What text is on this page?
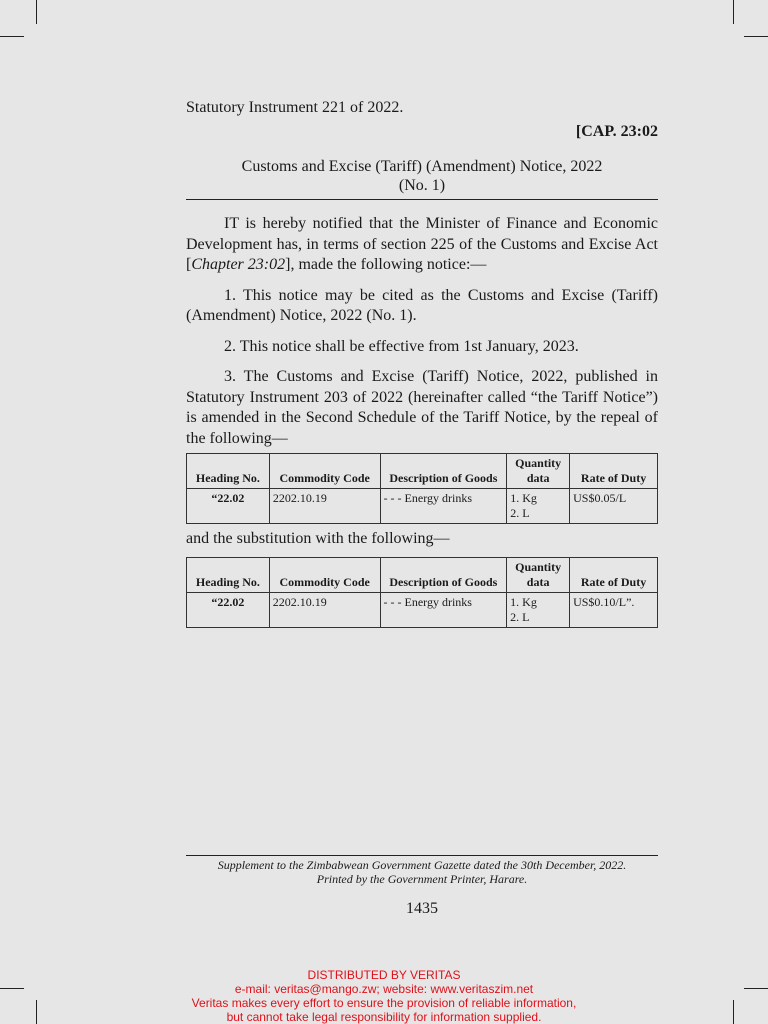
Statutory Instrument 221 of 2022.
[CAP. 23:02
Customs and Excise (Tariff) (Amendment) Notice, 2022
(No. 1)

IT is hereby notified that the Minister of Finance and Economic Development has, in terms of section 225 of the Customs and Excise Act [Chapter 23:02], made the following notice:—

1. This notice may be cited as the Customs and Excise (Tariff) (Amendment) Notice, 2022 (No. 1).

2. This notice shall be effective from 1st January, 2023.

3. The Customs and Excise (Tariff) Notice, 2022, published in Statutory Instrument 203 of 2022 (hereinafter called “the Tariff Notice”) is amended in the Second Schedule of the Tariff Notice, by the repeal of the following—

Heading No.	Commodity Code	Description of Goods	Quantity data	Rate of Duty
“22.02	2202.10.19	- - - Energy drinks	1. Kg
2. L	US$0.05/L
and the substitution with the following—
Heading No.	Commodity Code	Description of Goods	Quantity data	Rate of Duty
“22.02	2202.10.19	- - - Energy drinks	1. Kg
2. L	US$0.10/L”.
Supplement to the Zimbabwean Government Gazette dated the 30th December, 2022.
Printed by the Government Printer, Harare.
1435
DISTRIBUTED BY VERITAS
e-mail: veritas@mango.zw; website: www.veritaszim.net
Veritas makes every effort to ensure the provision of reliable information,
but cannot take legal responsibility for information supplied.
